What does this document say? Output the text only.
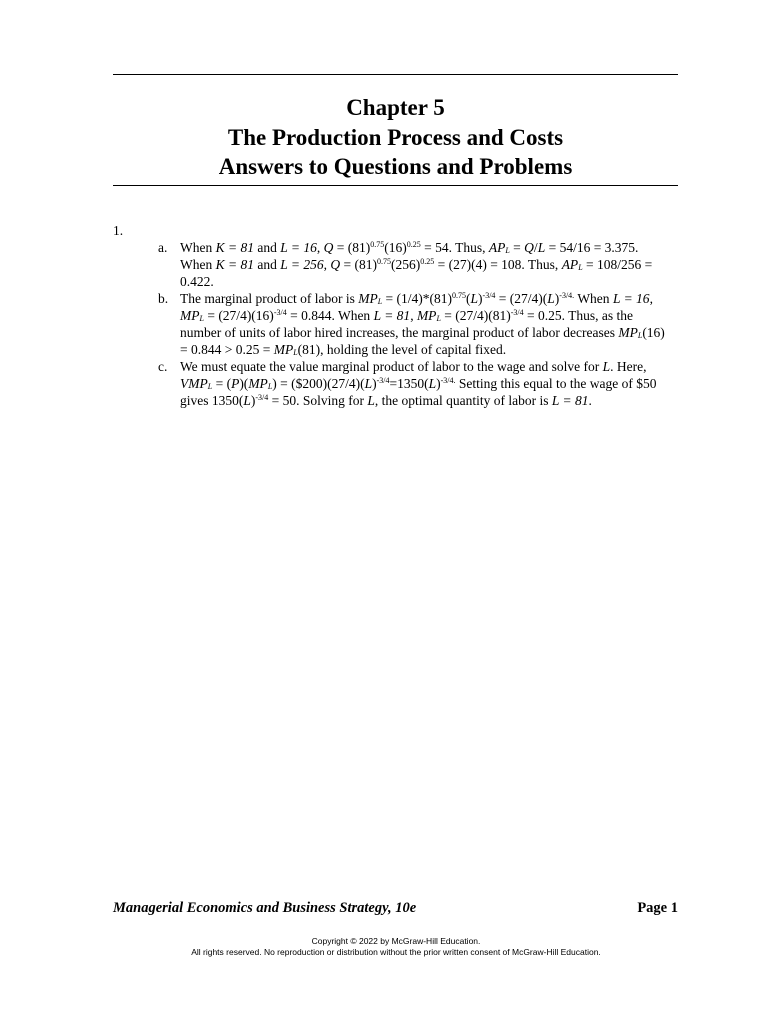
Chapter 5
The Production Process and Costs
Answers to Questions and Problems
1.
a. When K = 81 and L = 16, $Q = (81)^{0.75}(16)^{0.25} = 54$. Thus, $AP_L = Q/L = 54/16 = 3.375$. When K = 81 and L = 256, $Q = (81)^{0.75}(256)^{0.25} = (27)(4) = 108$. Thus, $AP_L = 108/256 = 0.422$.
b. The marginal product of labor is $MP_L = (1/4)*(81)^{0.75}(L)^{-3/4} = (27/4)(L)^{-3/4.}$ When L = 16, $MP_L = (27/4)(16)^{-3/4} = 0.844$. When L = 81, $MP_L = (27/4)(81)^{-3/4} = 0.25$. Thus, as the number of units of labor hired increases, the marginal product of labor decreases $MP_L(16) = 0.844 > 0.25 = MP_L(81)$, holding the level of capital fixed.
c. We must equate the value marginal product of labor to the wage and solve for L. Here, $VMP_L = (P)(MP_L)$ = $(\$200)(27/4)(L)^{-3/4}=1350(L)^{-3/4.}$ Setting this equal to the wage of $50 gives $1350(L)^{-3/4} = 50$. Solving for L, the optimal quantity of labor is L = 81.
Managerial Economics and Business Strategy, 10e	Page 1
Copyright © 2022 by McGraw-Hill Education.
All rights reserved. No reproduction or distribution without the prior written consent of McGraw-Hill Education.
